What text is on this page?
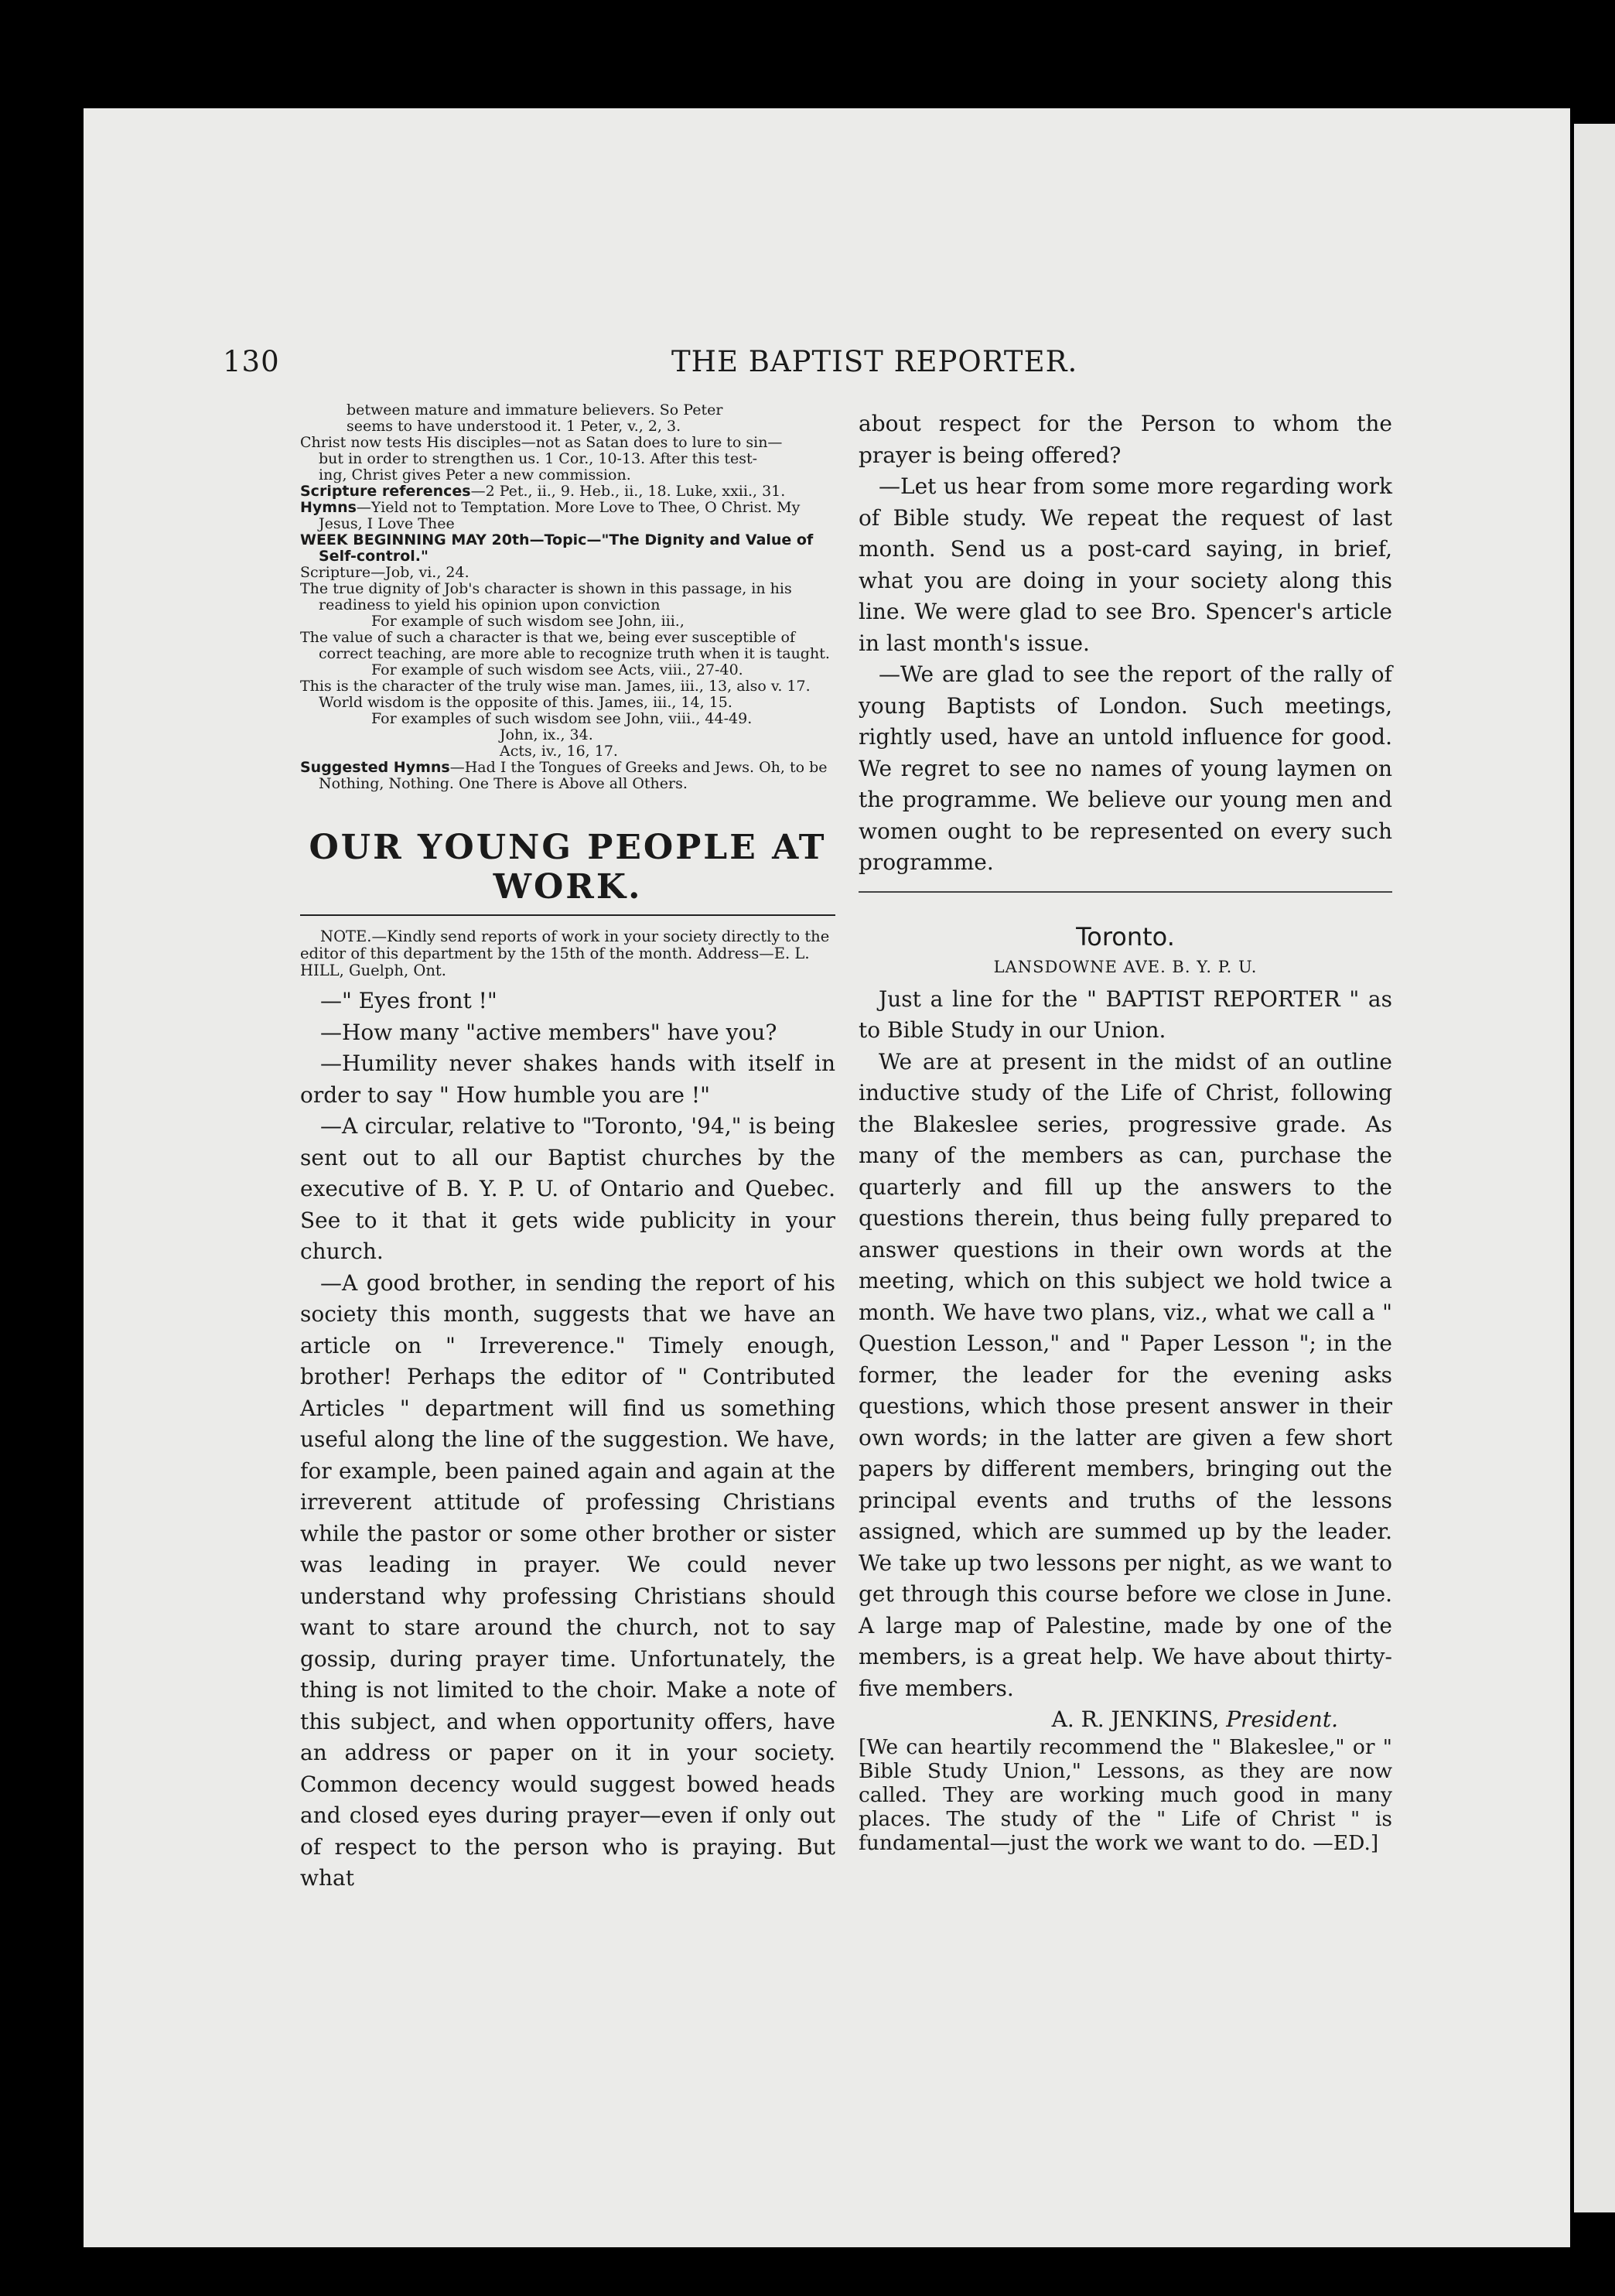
130	THE BAPTIST REPORTER.

between mature and immature believers. So Peter

seems to have understood it. 1 Peter, v., 2, 3.

Christ now tests His disciples—not as Satan does to lure to sin—

but in order to strengthen us. 1 Cor., 10-13. After this test-

ing, Christ gives Peter a new commission.

Scripture references—2 Pet., ii., 9. Heb., ii., 18. Luke, xxii., 31.

Hymns—Yield not to Temptation. More Love to Thee, O Christ. My Jesus, I Love Thee

WEEK BEGINNING MAY 20th—Topic—"The Dignity and Value of Self-control."

Scripture—Job, vi., 24.

The true dignity of Job's character is shown in this passage, in his readiness to yield his opinion upon conviction

For example of such wisdom see John, iii.,

The value of such a character is that we, being ever susceptible of correct teaching, are more able to recognize truth when it is taught.

For example of such wisdom see Acts, viii., 27-40.

This is the character of the truly wise man. James, iii., 13, also v. 17. World wisdom is the opposite of this. James, iii., 14, 15.

For examples of such wisdom see John, viii., 44-49.

John, ix., 34.

Acts, iv., 16, 17.

Suggested Hymns—Had I the Tongues of Greeks and Jews. Oh, to be Nothing, Nothing. One There is Above all Others.

OUR YOUNG PEOPLE AT WORK.

NOTE.—Kindly send reports of work in your society directly to the editor of this department by the 15th of the month. Address—E. L. HILL, Guelph, Ont.

—" Eyes front !"

—How many "active members" have you?

—Humility never shakes hands with itself in order to say " How humble you are !"

—A circular, relative to "Toronto, '94," is being sent out to all our Baptist churches by the executive of B. Y. P. U. of Ontario and Quebec. See to it that it gets wide publicity in your church.

—A good brother, in sending the report of his society this month, suggests that we have an article on " Irreverence." Timely enough, brother! Perhaps the editor of " Contributed Articles " department will find us something useful along the line of the suggestion. We have, for example, been pained again and again at the irreverent attitude of professing Christians while the pastor or some other brother or sister was leading in prayer. We could never understand why professing Christians should want to stare around the church, not to say gossip, during prayer time. Unfortunately, the thing is not limited to the choir. Make a note of this subject, and when opportunity offers, have an address or paper on it in your society. Common decency would suggest bowed heads and closed eyes during prayer—even if only out of respect to the person who is praying. But what

about respect for the Person to whom the prayer is being offered?

—Let us hear from some more regarding work of Bible study. We repeat the request of last month. Send us a post-card saying, in brief, what you are doing in your society along this line. We were glad to see Bro. Spencer's article in last month's issue.

—We are glad to see the report of the rally of young Baptists of London. Such meetings, rightly used, have an untold influence for good. We regret to see no names of young laymen on the programme. We believe our young men and women ought to be represented on every such programme.

Toronto.
LANSDOWNE AVE. B. Y. P. U.

Just a line for the " BAPTIST REPORTER " as to Bible Study in our Union.

We are at present in the midst of an outline inductive study of the Life of Christ, following the Blakeslee series, progressive grade. As many of the members as can, purchase the quarterly and fill up the answers to the questions therein, thus being fully prepared to answer questions in their own words at the meeting, which on this subject we hold twice a month. We have two plans, viz., what we call a " Question Lesson," and " Paper Lesson "; in the former, the leader for the evening asks questions, which those present answer in their own words; in the latter are given a few short papers by different members, bringing out the principal events and truths of the lessons assigned, which are summed up by the leader. We take up two lessons per night, as we want to get through this course before we close in June. A large map of Palestine, made by one of the members, is a great help. We have about thirty-five members.

A. R. JENKINS, President.

[We can heartily recommend the " Blakeslee," or " Bible Study Union," Lessons, as they are now called. They are working much good in many places. The study of the " Life of Christ " is fundamental—just the work we want to do. —ED.]
